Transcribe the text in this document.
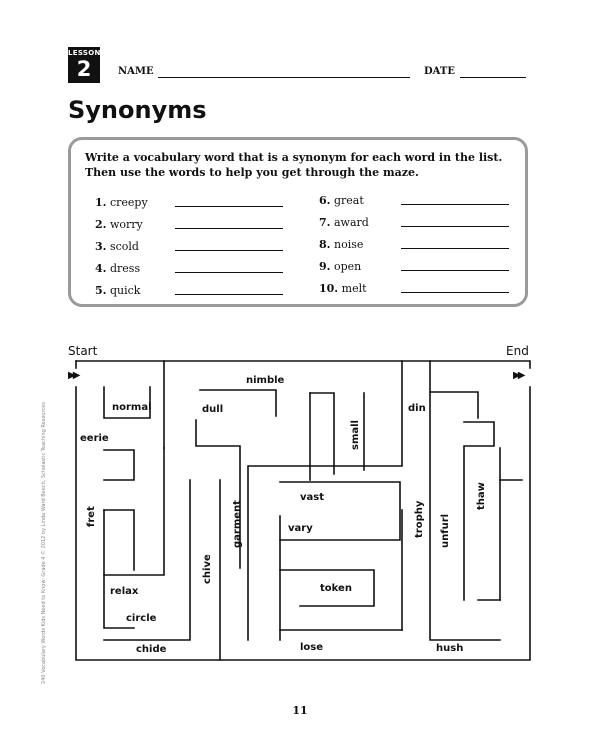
LESSON
2	NAME	DATE
Synonyms

Write a vocabulary word that is a synonym for each word in the list. Then use the words to help you get through the maze.

1. creepy
2. worry
3. scold
4. dress
5. quick
6. great
7. award
8. noise
9. open
10. melt
Start	End
▶▶	▶▶
normal
nimble
dull
eerie	small
din
fret	garment
vast
vary	trophy unfurl
thaw
chive
relax	token
circle
chide	lose	hush
240 Vocabulary Words Kids Need to Know: Grade 4 © 2012 by Linda Ward Beech, Scholastic Teaching Resources
11
